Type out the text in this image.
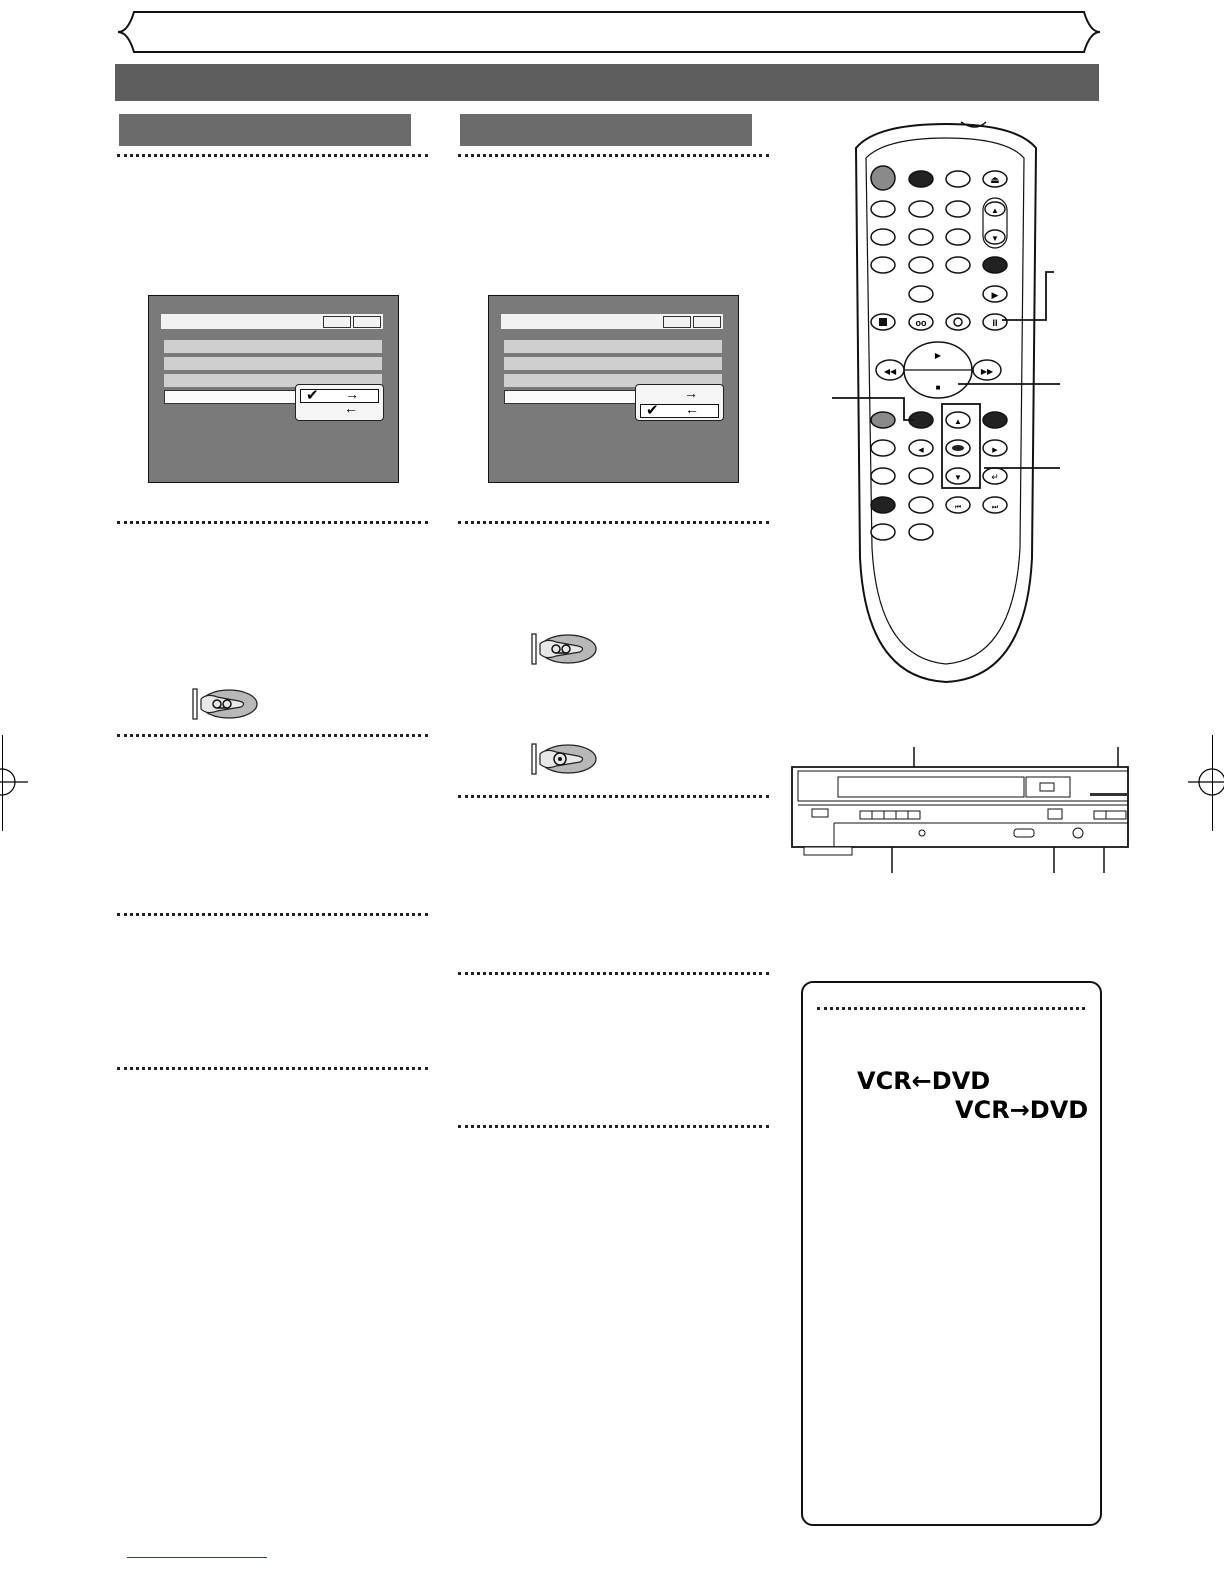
✔ →
←
→
✔ ←
⏏
▲
▼
▶
oo	II
▶
■
◀◀	▶▶
▲
◀	▶
▼	↵
⏮	⏭
VCR←DVD
VCR→DVD
